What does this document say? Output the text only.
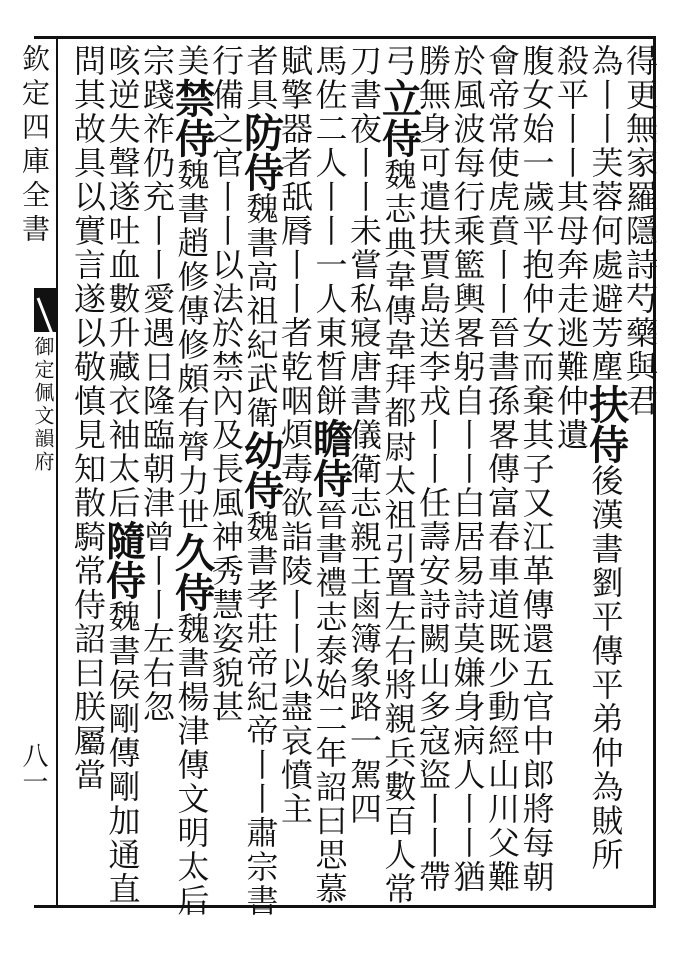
欽定四庫全書
御定佩文韻府
八一
得更無家羅隱詩芍藥與君
為丨丨芙蓉何處避芳塵扶侍後漢書劉平傳平弟仲為賊所
殺平丨丨其母奔走逃難仲遺
腹女始一歲平抱仲女而棄其子又江革傳還五官中郎將每朝
會帝常使虎賁丨丨晉書孫畧傳富春車道既少動經山川父難
於風波每行乘籃輿畧躬自丨丨白居易詩莫嫌身病人丨丨猶
勝無身可遣扶賈島送李戎丨丨任壽安詩闕山多寇盜丨丨帶
弓立侍魏志典韋傳韋拜都尉太祖引置左右將親兵數百人常
刀書夜丨丨未嘗私寢唐書儀衛志親王鹵簿象路一駕四
馬佐二人丨丨一人東晳餅瞻侍晉書禮志泰始二年詔曰思慕
賦擎器者舐脣丨丨者乾咽煩毒欲詣陵丨丨以盡哀憤主
者具防侍魏書高祖紀武衛幼侍魏書孝莊帝紀帝丨丨肅宗書
行備之官丨丨以法於禁內及長風神秀慧姿貌甚
美禁侍魏書趙修傳修頗有膂力世久侍魏書楊津傳文明太后
宗踐祚仍充丨丨愛遇日隆臨朝津曾丨丨左右忽
咳逆失聲遂吐血數升藏衣袖太后隨侍魏書侯剛傳剛加通直
問其故具以實言遂以敬慎見知散騎常侍詔曰朕屬當
